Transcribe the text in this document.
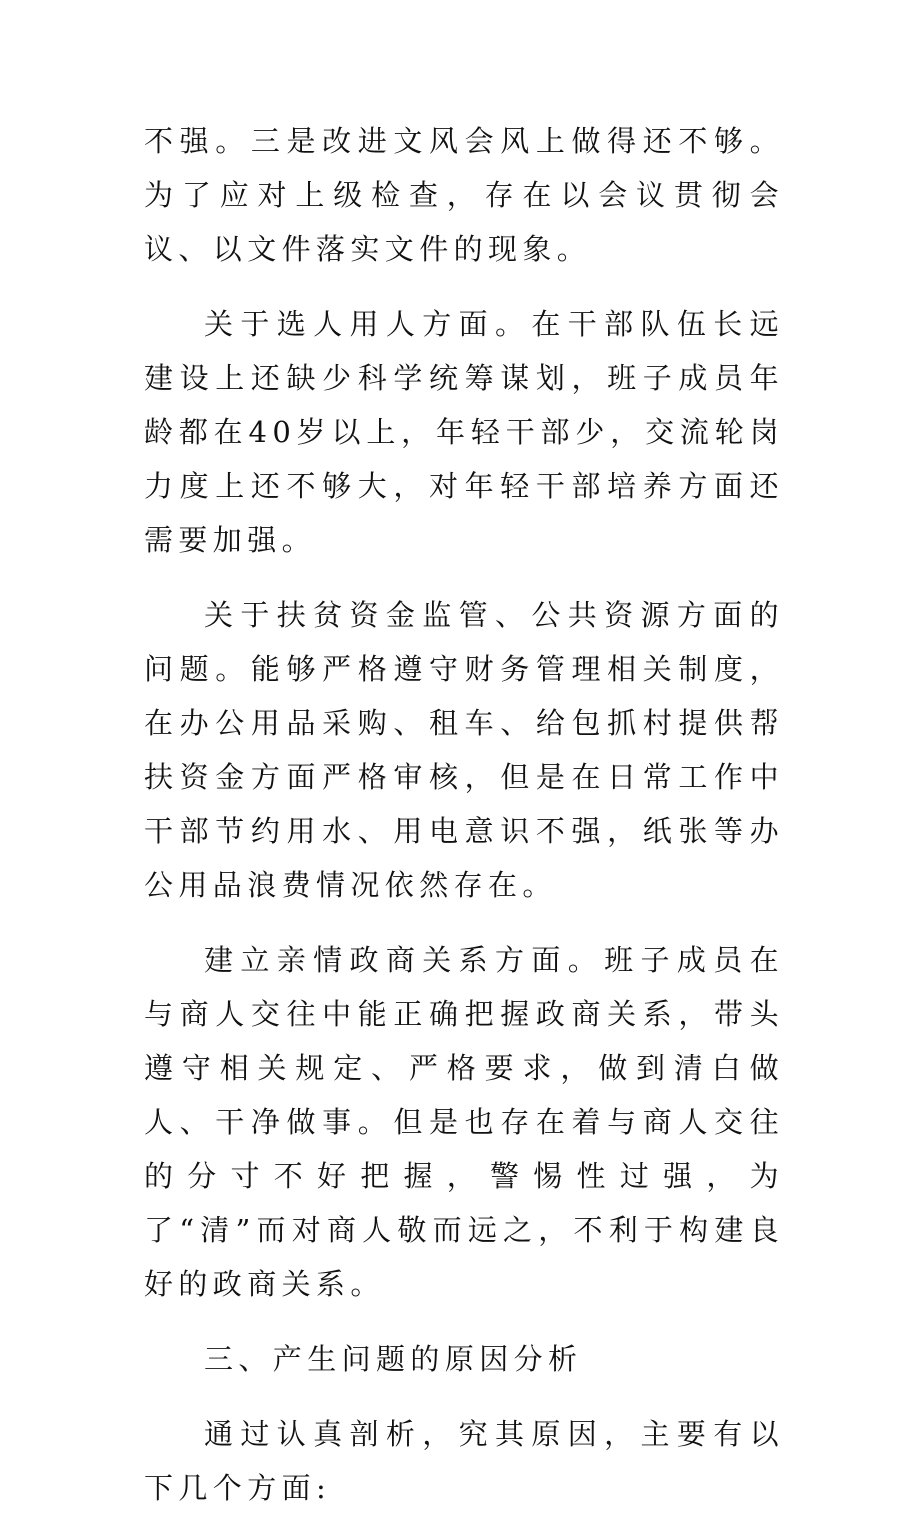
不强。三是改进文风会风上做得还不够。为了应对上级检查，存在以会议贯彻会议、以文件落实文件的现象。

关于选人用人方面。在干部队伍长远建设上还缺少科学统筹谋划，班子成员年龄都在40岁以上，年轻干部少，交流轮岗力度上还不够大，对年轻干部培养方面还需要加强。

关于扶贫资金监管、公共资源方面的问题。能够严格遵守财务管理相关制度，在办公用品采购、租车、给包抓村提供帮扶资金方面严格审核，但是在日常工作中干部节约用水、用电意识不强，纸张等办公用品浪费情况依然存在。

建立亲情政商关系方面。班子成员在与商人交往中能正确把握政商关系，带头遵守相关规定、严格要求，做到清白做人、干净做事。但是也存在着与商人交往的分寸不好把握，警惕性过强，为了“清”而对商人敬而远之，不利于构建良好的政商关系。

三、产生问题的原因分析

通过认真剖析，究其原因，主要有以下几个方面:
